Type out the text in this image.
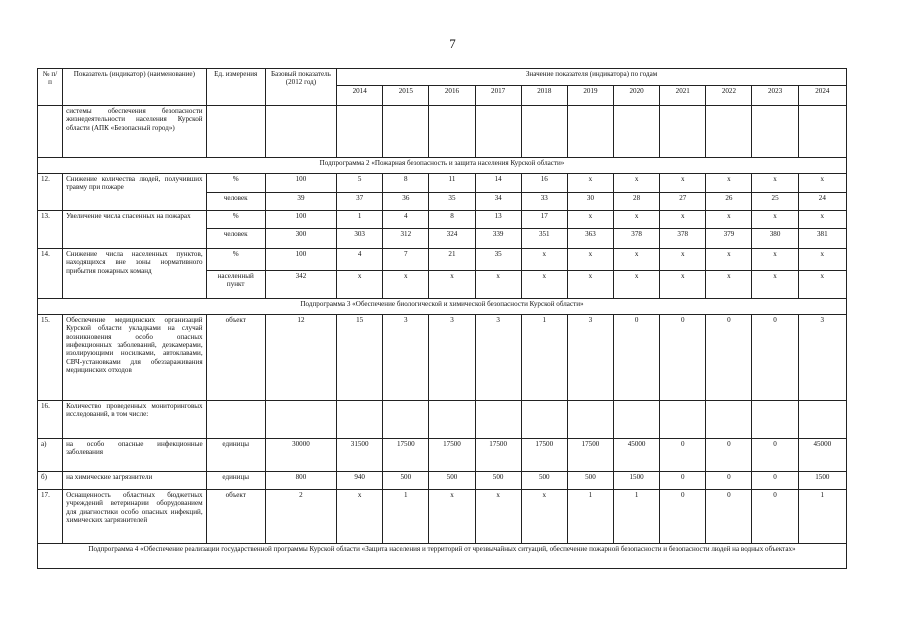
7
№ п/п	Показатель (индикатор) (наименование)	Ед. измерения	Базовый показатель (2012 год)	Значение показателя (индикатора) по годам										
				2014	2015	2016	2017	2018	2019	2020	2021	2022	2023	2024
	системы обеспечения безопасности жизнедеятельности населения Курской области (АПК «Безопасный город»)													
Подпрограмма 2 «Пожарная безопасность и защита населения Курской области»														
12.	Снижение количества людей, получивших травму при пожаре	%	100	5	8	11	14	16	x	x	x	x	x	x
		человек	39	37	36	35	34	33	30	28	27	26	25	24
13.	Увеличение числа спасенных на пожарах	%	100	1	4	8	13	17	x	x	x	x	x	x
		человек	300	303	312	324	339	351	363	378	378	379	380	381
14.	Снижение числа населенных пунктов, находящихся вне зоны нормативного прибытия пожарных команд	%	100	4	7	21	35	x	x	x	x	x	x	x
		населенный пункт	342	x	x	x	x	x	x	x	x	x	x	x
Подпрограмма 3 «Обеспечение биологической и химической безопасности Курской области»														
15.	Обеспечение медицинских организаций Курской области укладками на случай возникновения особо опасных инфекционных заболеваний, дезкамерами, изолирующими носилками, автоклавами, СВЧ-установками для обеззараживания медицинских отходов	объект	12	15	3	3	3	1	3	0	0	0	0	3
16.	Количество проведенных мониторинговых исследований, в том числе:													
а)	на особо опасные инфекционные заболевания	единицы	30000	31500	17500	17500	17500	17500	17500	45000	0	0	0	45000
б)	на химические загрязнители	единицы	800	940	500	500	500	500	500	1500	0	0	0	1500
17.	Оснащенность областных бюджетных учреждений ветеринарии оборудованием для диагностики особо опасных инфекций, химических загрязнителей	объект	2	x	1	x	x	x	1	1	0	0	0	1
Подпрограмма 4 «Обеспечение реализации государственной программы Курской области «Защита населения и территорий от чрезвычайных ситуаций, обеспечение пожарной безопасности и безопасности людей на водных объектах»														
